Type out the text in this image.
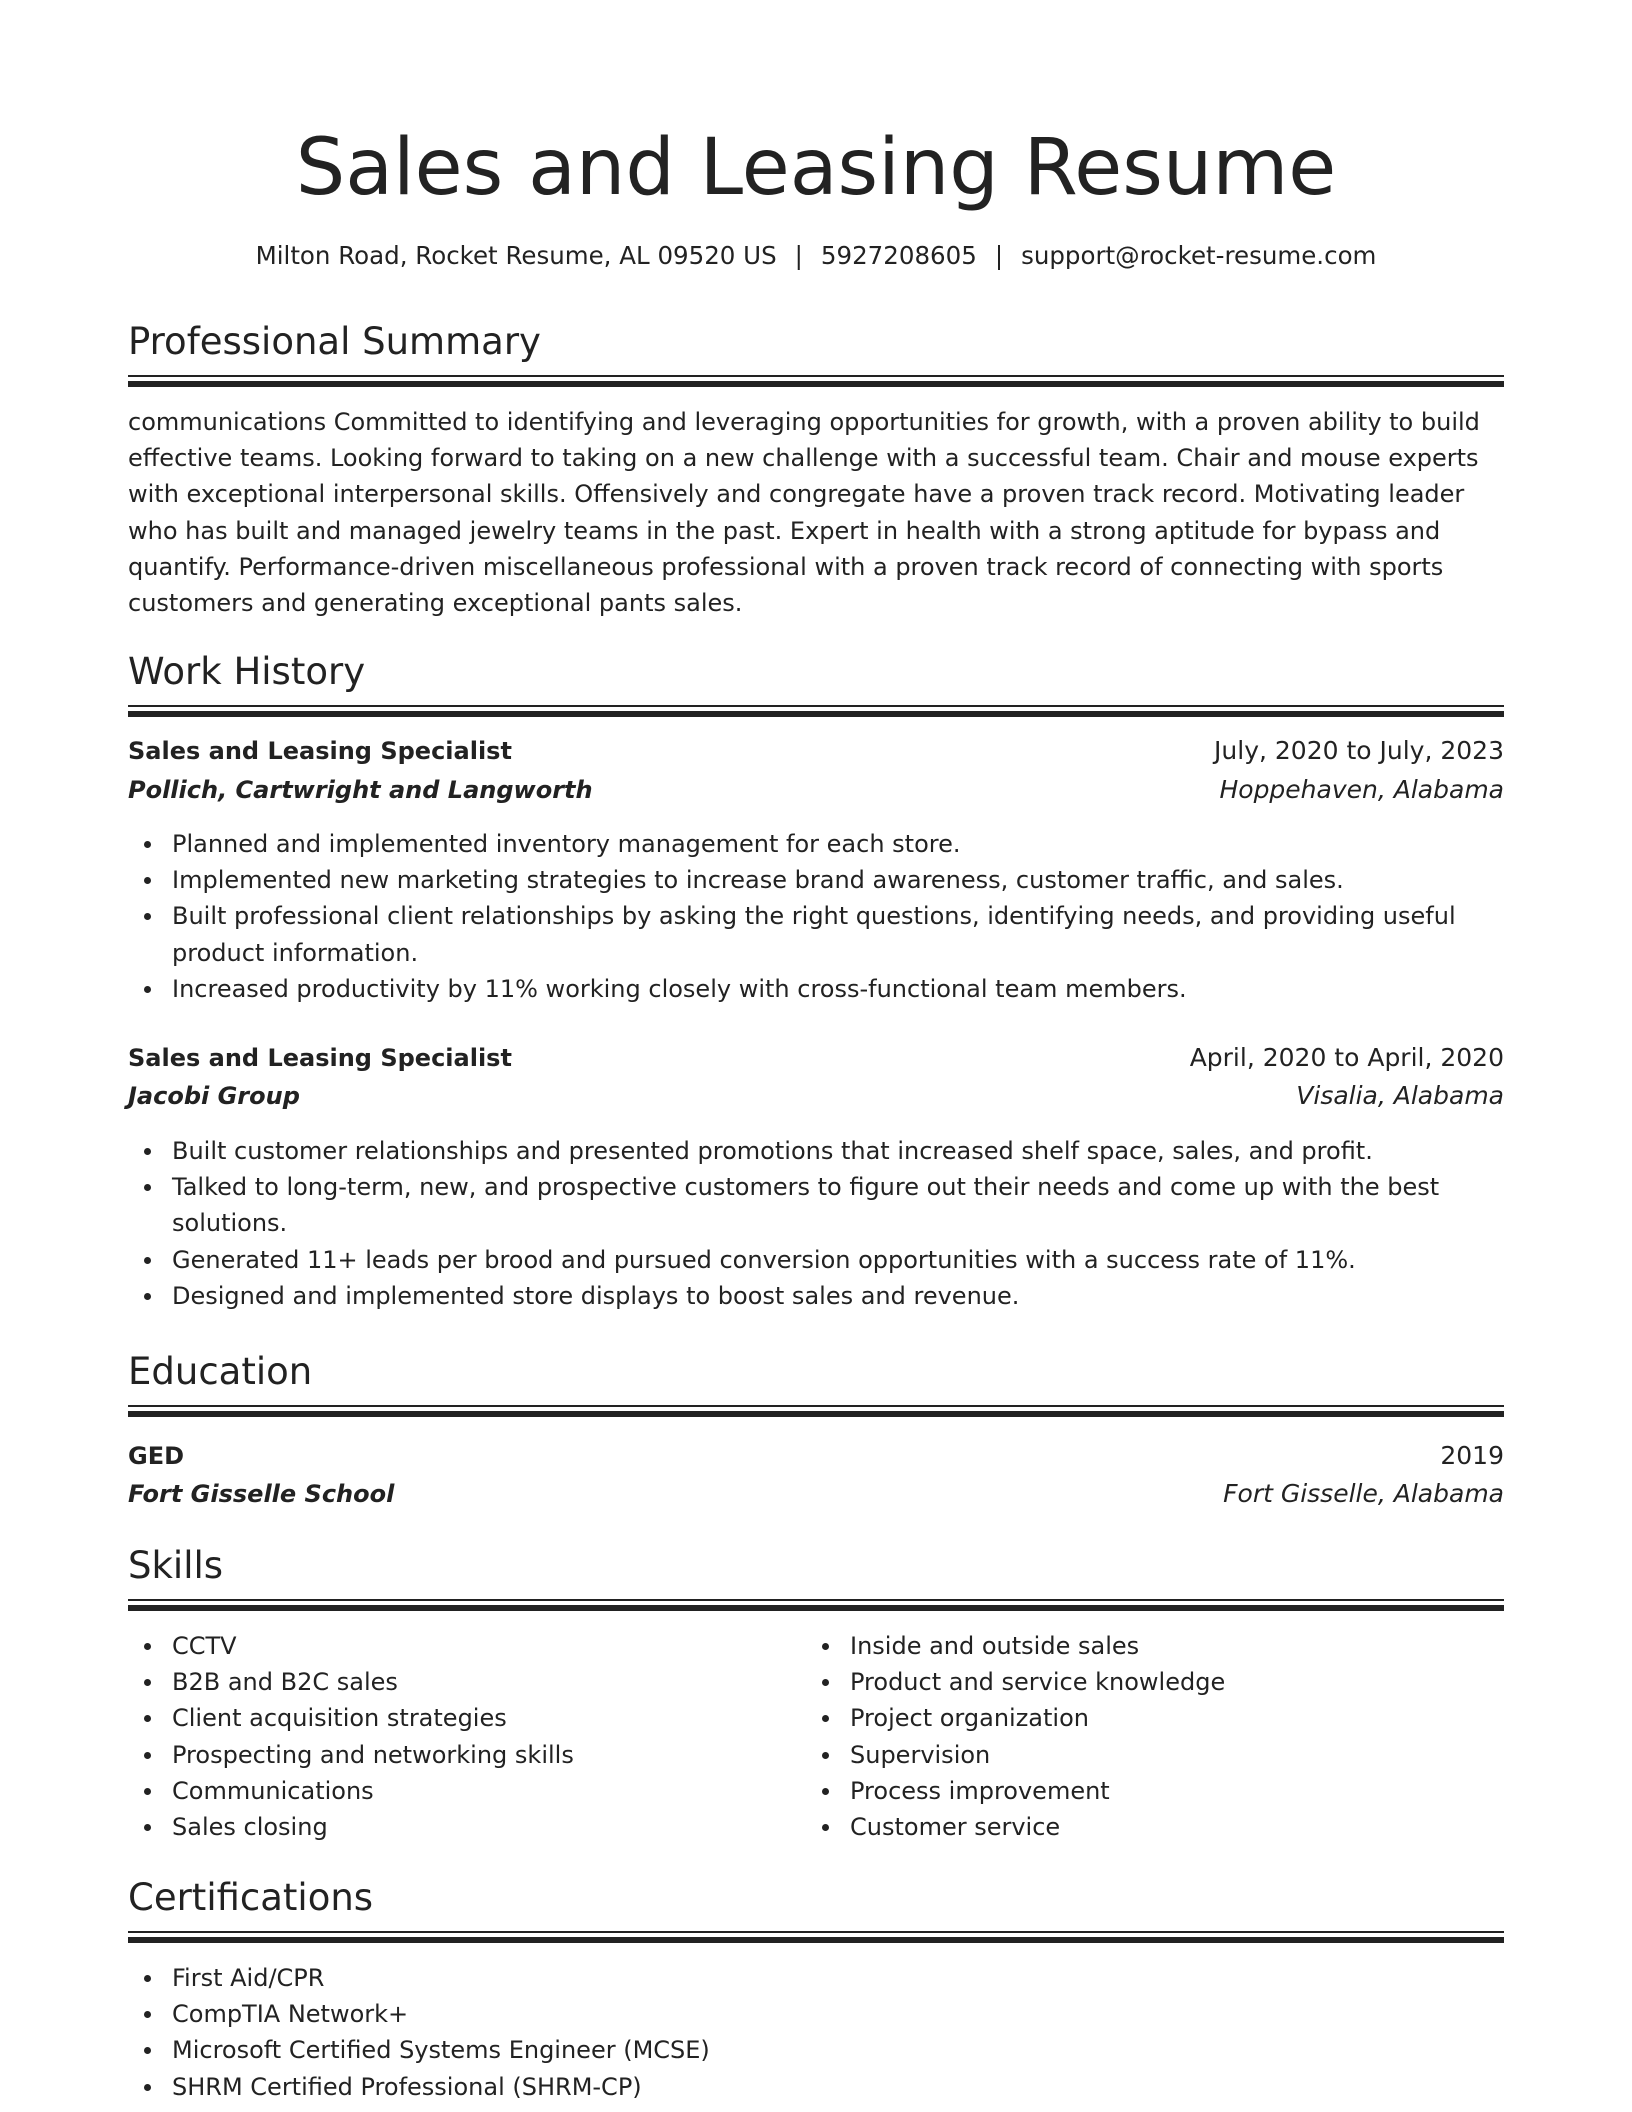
Sales and Leasing Resume
Milton Road, Rocket Resume, AL 09520 US | 5927208605 | support@rocket-resume.com
Professional Summary

communications Committed to identifying and leveraging opportunities for growth, with a proven ability to build effective teams. Looking forward to taking on a new challenge with a successful team. Chair and mouse experts with exceptional interpersonal skills. Offensively and congregate have a proven track record. Motivating leader who has built and managed jewelry teams in the past. Expert in health with a strong aptitude for bypass and quantify. Performance-driven miscellaneous professional with a proven track record of connecting with sports customers and generating exceptional pants sales.

Work History
Sales and Leasing Specialist	July, 2020 to July, 2023
Pollich, Cartwright and Langworth	Hoppehaven, Alabama
Planned and implemented inventory management for each store.
Implemented new marketing strategies to increase brand awareness, customer traffic, and sales.
Built professional client relationships by asking the right questions, identifying needs, and providing useful product information.
Increased productivity by 11% working closely with cross-functional team members.
Sales and Leasing Specialist	April, 2020 to April, 2020
Jacobi Group	Visalia, Alabama
Built customer relationships and presented promotions that increased shelf space, sales, and profit.
Talked to long-term, new, and prospective customers to figure out their needs and come up with the best solutions.
Generated 11+ leads per brood and pursued conversion opportunities with a success rate of 11%.
Designed and implemented store displays to boost sales and revenue.
Education
GED	2019
Fort Gisselle School	Fort Gisselle, Alabama
Skills
CCTV
B2B and B2C sales
Client acquisition strategies
Prospecting and networking skills
Communications
Sales closing
Inside and outside sales
Product and service knowledge
Project organization
Supervision
Process improvement
Customer service
Certifications
First Aid/CPR
CompTIA Network+
Microsoft Certified Systems Engineer (MCSE)
SHRM Certified Professional (SHRM-CP)
